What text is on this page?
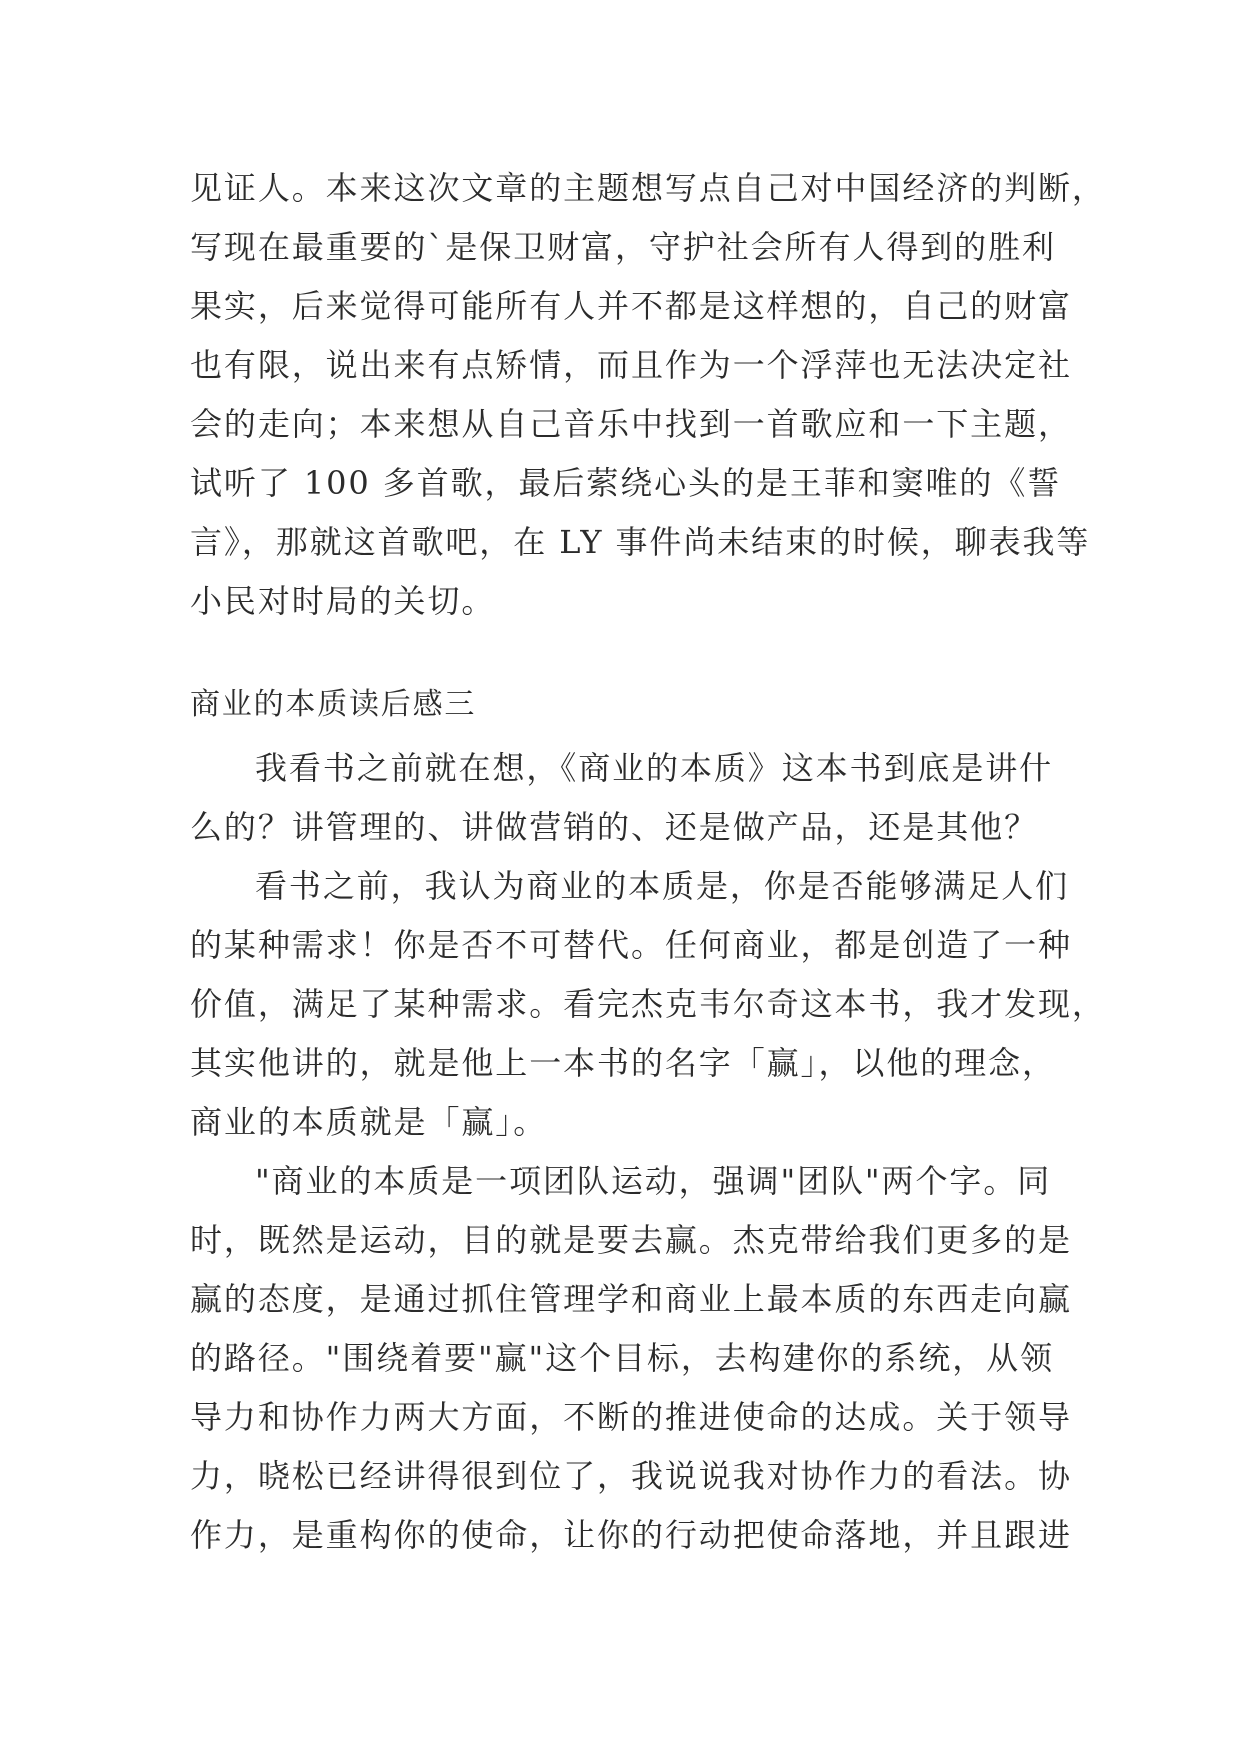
见证人。本来这次文章的主题想写点自己对中国经济的判断，

写现在最重要的`是保卫财富，守护社会所有人得到的胜利

果实，后来觉得可能所有人并不都是这样想的，自己的财富

也有限，说出来有点矫情，而且作为一个浮萍也无法决定社

会的走向；本来想从自己音乐中找到一首歌应和一下主题，

试听了 100 多首歌，最后萦绕心头的是王菲和窦唯的《誓

言》，那就这首歌吧，在 LY 事件尚未结束的时候，聊表我等

小民对时局的关切。

商业的本质读后感三

我看书之前就在想，《商业的本质》这本书到底是讲什

么的？讲管理的、讲做营销的、还是做产品，还是其他？

看书之前，我认为商业的本质是，你是否能够满足人们

的某种需求！你是否不可替代。任何商业，都是创造了一种

价值，满足了某种需求。看完杰克韦尔奇这本书，我才发现，

其实他讲的，就是他上一本书的名字「赢」，以他的理念，

商业的本质就是「赢」。

"商业的本质是一项团队运动，强调"团队"两个字。同

时，既然是运动，目的就是要去赢。杰克带给我们更多的是

赢的态度，是通过抓住管理学和商业上最本质的东西走向赢

的路径。"围绕着要"赢"这个目标，去构建你的系统，从领

导力和协作力两大方面，不断的推进使命的达成。关于领导

力，晓松已经讲得很到位了，我说说我对协作力的看法。协

作力，是重构你的使命，让你的行动把使命落地，并且跟进
